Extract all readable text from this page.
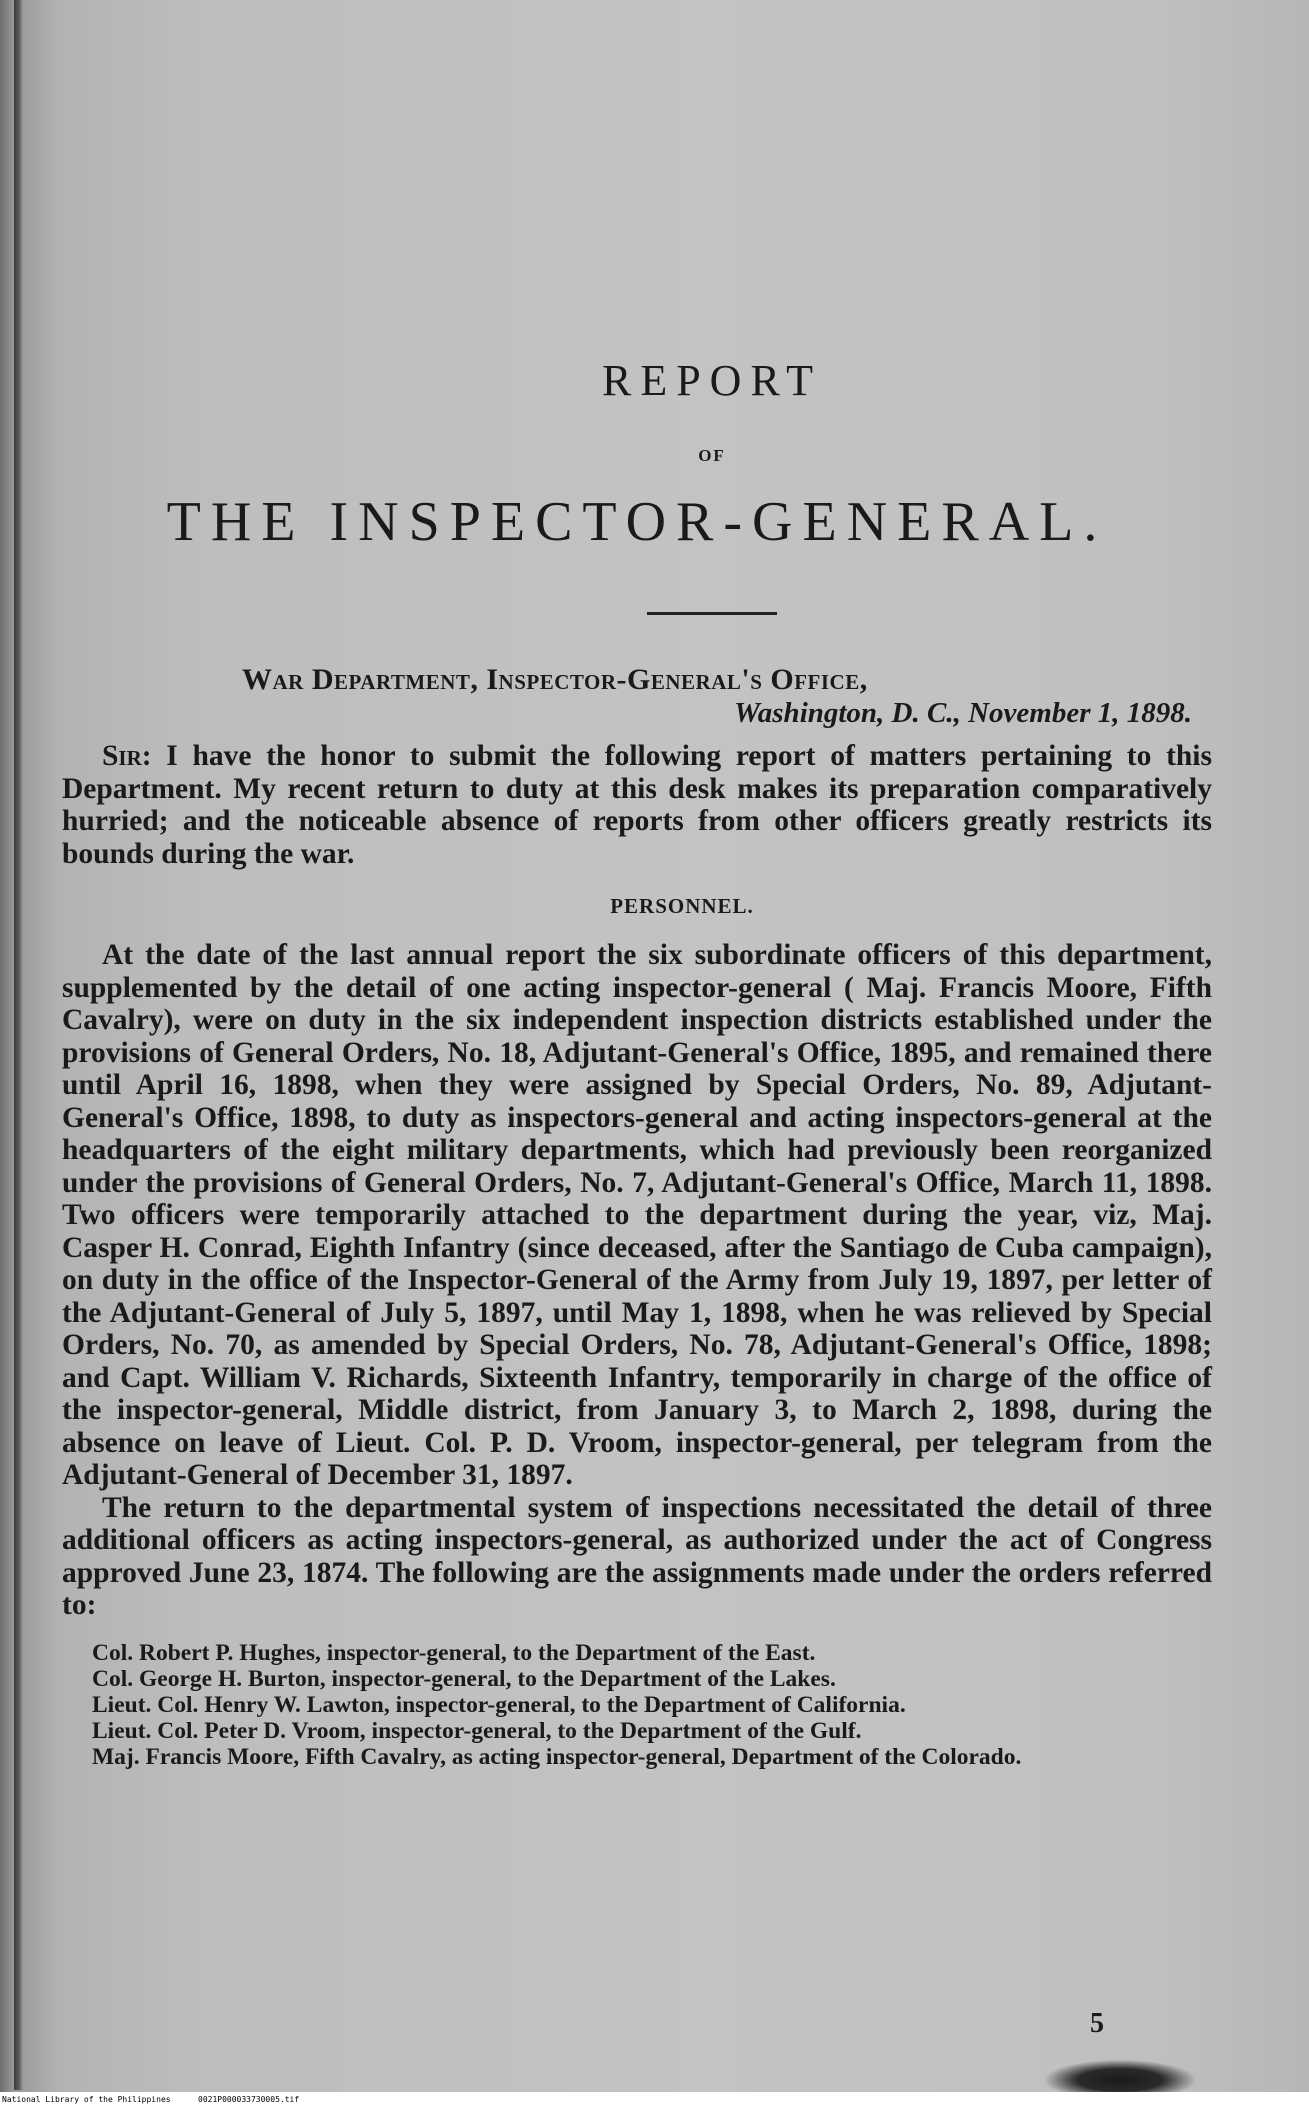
REPORT
OF
THE INSPECTOR-GENERAL.
War Department, Inspector-General's Office,
Washington, D. C., November 1, 1898.

Sir: I have the honor to submit the following report of matters pertaining to this Department. My recent return to duty at this desk makes its preparation comparatively hurried; and the noticeable absence of reports from other officers greatly restricts its bounds during the war.

PERSONNEL.

At the date of the last annual report the six subordinate officers of this department, supplemented by the detail of one acting inspector-general ( Maj. Francis Moore, Fifth Cavalry), were on duty in the six independent inspection districts established under the provisions of General Orders, No. 18, Adjutant-General's Office, 1895, and remained there until April 16, 1898, when they were assigned by Special Orders, No. 89, Adjutant-General's Office, 1898, to duty as inspectors-general and acting inspectors-general at the headquarters of the eight military departments, which had previously been reorganized under the provisions of General Orders, No. 7, Adjutant-General's Office, March 11, 1898. Two officers were temporarily attached to the department during the year, viz, Maj. Casper H. Conrad, Eighth Infantry (since deceased, after the Santiago de Cuba campaign), on duty in the office of the Inspector-General of the Army from July 19, 1897, per letter of the Adjutant-General of July 5, 1897, until May 1, 1898, when he was relieved by Special Orders, No. 70, as amended by Special Orders, No. 78, Adjutant-General's Office, 1898; and Capt. William V. Richards, Sixteenth Infantry, temporarily in charge of the office of the inspector-general, Middle district, from January 3, to March 2, 1898, during the absence on leave of Lieut. Col. P. D. Vroom, inspector-general, per telegram from the Adjutant-General of December 31, 1897.

The return to the departmental system of inspections necessitated the detail of three additional officers as acting inspectors-general, as authorized under the act of Congress approved June 23, 1874. The following are the assignments made under the orders referred to:

Col. Robert P. Hughes, inspector-general, to the Department of the East.
Col. George H. Burton, inspector-general, to the Department of the Lakes.
Lieut. Col. Henry W. Lawton, inspector-general, to the Department of California.
Lieut. Col. Peter D. Vroom, inspector-general, to the Department of the Gulf.
Maj. Francis Moore, Fifth Cavalry, as acting inspector-general, Department of the Colorado.
5
National Library of the Philippines	0021P000033730005.tif
